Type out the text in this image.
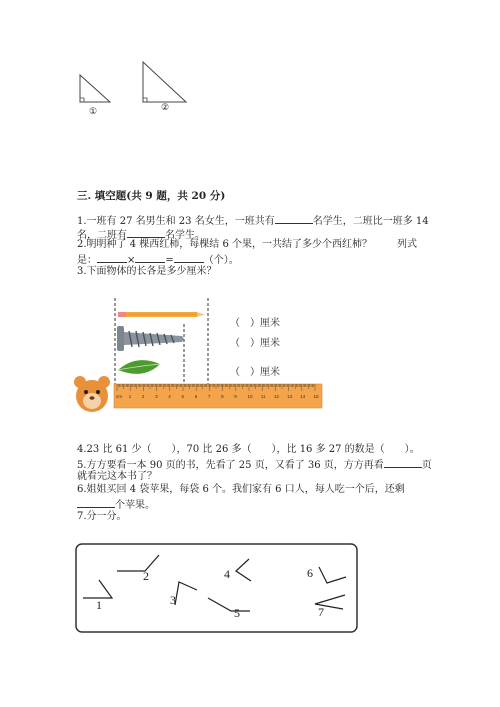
①	②
三. 填空题(共 9 题，共 20 分)
1.一班有 27 名男生和 23 名女生，一班共有	名学生，二班比一班多 14
名，二班有	名学生。
2.明明种了 4 棵西红柿，每棵结 6 个果，一共结了多少个西红柿？	列式
是：	×	=	（个）。
3.下面物体的长各是多少厘米？
cm 1 2 3 4 5 6 7 8 9 10 11 12 13 14 15
（　）厘米
（　）厘米
（　）厘米
4.23 比 61 少（　　），70 比 26 多（　　），比 16 多 27 的数是（　　）。
5.方方要看一本 90 页的书，先看了 25 页，又看了 36 页，方方再看	页
就看完这本书了？
6.姐姐买回 4 袋苹果，每袋 6 个。我们家有 6 口人，每人吃一个后，还剩
个苹果。
7.分一分。
1
2
3
4
5
6
7
